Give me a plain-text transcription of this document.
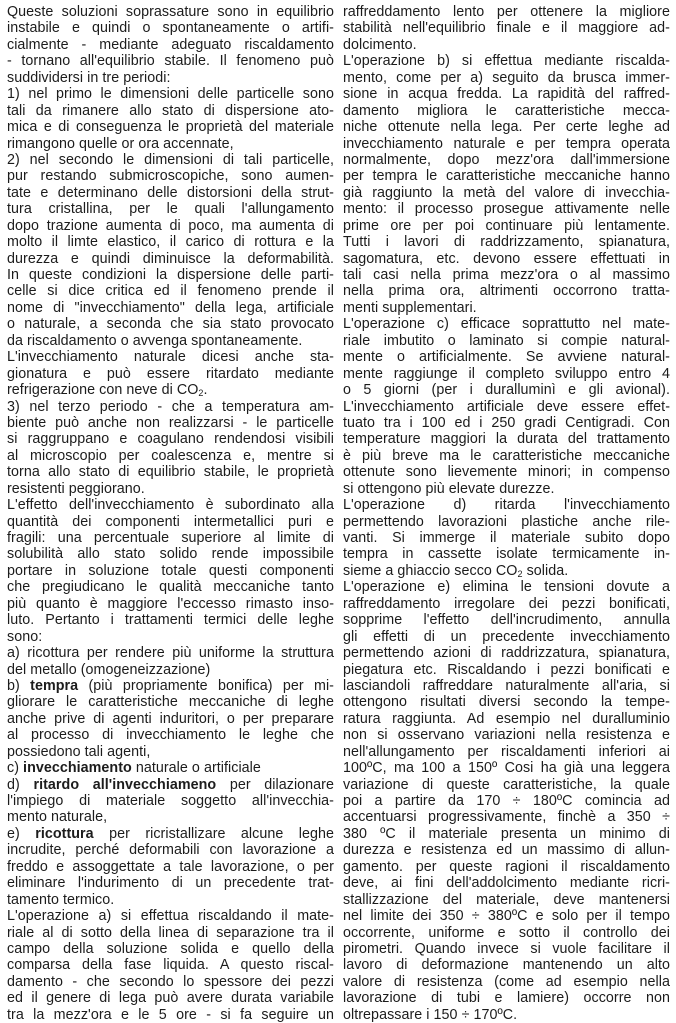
Queste soluzioni soprassature sono in equilibrio
instabile e quindi o spontaneamente o artifi-
cialmente - mediante adeguato riscaldamento
- tornano all'equilibrio stabile. Il fenomeno può
suddividersi in tre periodi:
1) nel primo le dimensioni delle particelle sono
tali da rimanere allo stato di dispersione ato-
mica e di conseguenza le proprietà del materiale
rimangono quelle or ora accennate,
2) nel secondo le dimensioni di tali particelle,
pur restando submicroscopiche, sono aumen-
tate e determinano delle distorsioni della strut-
tura cristallina, per le quali l'allungamento
dopo trazione aumenta di poco, ma aumenta di
molto il limte elastico, il carico di rottura e la
durezza e quindi diminuisce la deformabilità.
In queste condizioni la dispersione delle parti-
celle si dice critica ed il fenomeno prende il
nome di "invecchiamento" della lega, artificiale
o naturale, a seconda che sia stato provocato
da riscaldamento o avvenga spontaneamente.
L'invecchiamento naturale dicesi anche sta-
gionatura e può essere ritardato mediante
refrigerazione con neve di $CO_2$.
3) nel terzo periodo - che a temperatura am-
biente può anche non realizzarsi - le particelle
si raggruppano e coagulano rendendosi visibili
al microscopio per coalescenza e, mentre si
torna allo stato di equilibrio stabile, le proprietà
resistenti peggiorano.
L'effetto dell'invecchiamento è subordinato alla
quantità dei componenti intermetallici puri e
fragili: una percentuale superiore al limite di
solubilità allo stato solido rende impossibile
portare in soluzione totale questi componenti
che pregiudicano le qualità meccaniche tanto
più quanto è maggiore l'eccesso rimasto inso-
luto. Pertanto i trattamenti termici delle leghe
sono:
a) ricottura per rendere più uniforme la struttura
del metallo (omogeneizzazione)
b) tempra (più propriamente bonifica) per mi-
gliorare le caratteristiche meccaniche di leghe
anche prive di agenti induritori, o per preparare
al processo di invecchiamento le leghe che
possiedono tali agenti,
c) invecchiamento naturale o artificiale
d) ritardo all'invecchiameno per dilazionare
l'impiego di materiale soggetto all'invecchia-
mento naturale,
e) ricottura per ricristallizare alcune leghe
incrudite, perché deformabili con lavorazione a
freddo e assoggettate a tale lavorazione, o per
eliminare l'indurimento di un precedente trat-
tamento termico.
L'operazione a) si effettua riscaldando il mate-
riale al di sotto della linea di separazione tra il
campo della soluzione solida e quello della
comparsa della fase liquida. A questo riscal-
damento - che secondo lo spessore dei pezzi
ed il genere di lega può avere durata variabile
tra la mezz'ora e le 5 ore - si fa seguire un
raffreddamento lento per ottenere la migliore
stabilità nell'equilibrio finale e il maggiore ad-
dolcimento.
L'operazione b) si effettua mediante riscalda-
mento, come per a) seguito da brusca immer-
sione in acqua fredda. La rapidità del raffred-
damento migliora le caratteristiche mecca-
niche ottenute nella lega. Per certe leghe ad
invecchiamento naturale e per tempra operata
normalmente, dopo mezz'ora dall'immersione
per tempra le caratteristiche meccaniche hanno
già raggiunto la metà del valore di invecchia-
mento: il processo prosegue attivamente nelle
prime ore per poi continuare più lentamente.
Tutti i lavori di raddrizzamento, spianatura,
sagomatura, etc. devono essere effettuati in
tali casi nella prima mezz'ora o al massimo
nella prima ora, altrimenti occorrono tratta-
menti supplementari.
L'operazione c) efficace soprattutto nel mate-
riale imbutito o laminato si compie natural-
mente o artificialmente. Se avviene natural-
mente raggiunge il completo sviluppo entro 4
o 5 giorni (per i duralluminì e gli avional).
L'invecchiamento artificiale deve essere effet-
tuato tra i 100 ed i 250 gradi Centigradi. Con
temperature maggiori la durata del trattamento
è più breve ma le caratteristiche meccaniche
ottenute sono lievemente minori; in compenso
si ottengono più elevate durezze.
L'operazione d) ritarda l'invecchiamento
permettendo lavorazioni plastiche anche rile-
vanti. Si immerge il materiale subito dopo
tempra in cassette isolate termicamente in-
sieme a ghiaccio secco $CO_2$ solida.
L'operazione e) elimina le tensioni dovute a
raffreddamento irregolare dei pezzi bonificati,
sopprime l'effetto dell'incrudimento, annulla
gli effetti di un precedente invecchiamento
permettendo azioni di raddrizzatura, spianatura,
piegatura etc. Riscaldando i pezzi bonificati e
lasciandoli raffreddare naturalmente all'aria, si
ottengono risultati diversi secondo la tempe-
ratura raggiunta. Ad esempio nel duralluminio
non si osservano variazioni nella resistenza e
nell'allungamento per riscaldamenti inferiori ai
100ºC, ma 100 a 150º Cosi ha già una leggera
variazione di queste caratteristiche, la quale
poi a partire da 170 ÷ 180ºC comincia ad
accentuarsi progressivamente, finchè a 350 ÷
380 ºC il materiale presenta un minimo di
durezza e resistenza ed un massimo di allun-
gamento. per queste ragioni il riscaldamento
deve, ai fini dell'addolcimento mediante ricri-
stallizzazione del materiale, deve mantenersi
nel limite dei 350 ÷ 380ºC e solo per il tempo
occorrente, uniforme e sotto il controllo dei
pirometri. Quando invece si vuole facilitare il
lavoro di deformazione mantenendo un alto
valore di resistenza (come ad esempio nella
lavorazione di tubi e lamiere) occorre non
oltrepassare i 150 ÷ 170ºC.
